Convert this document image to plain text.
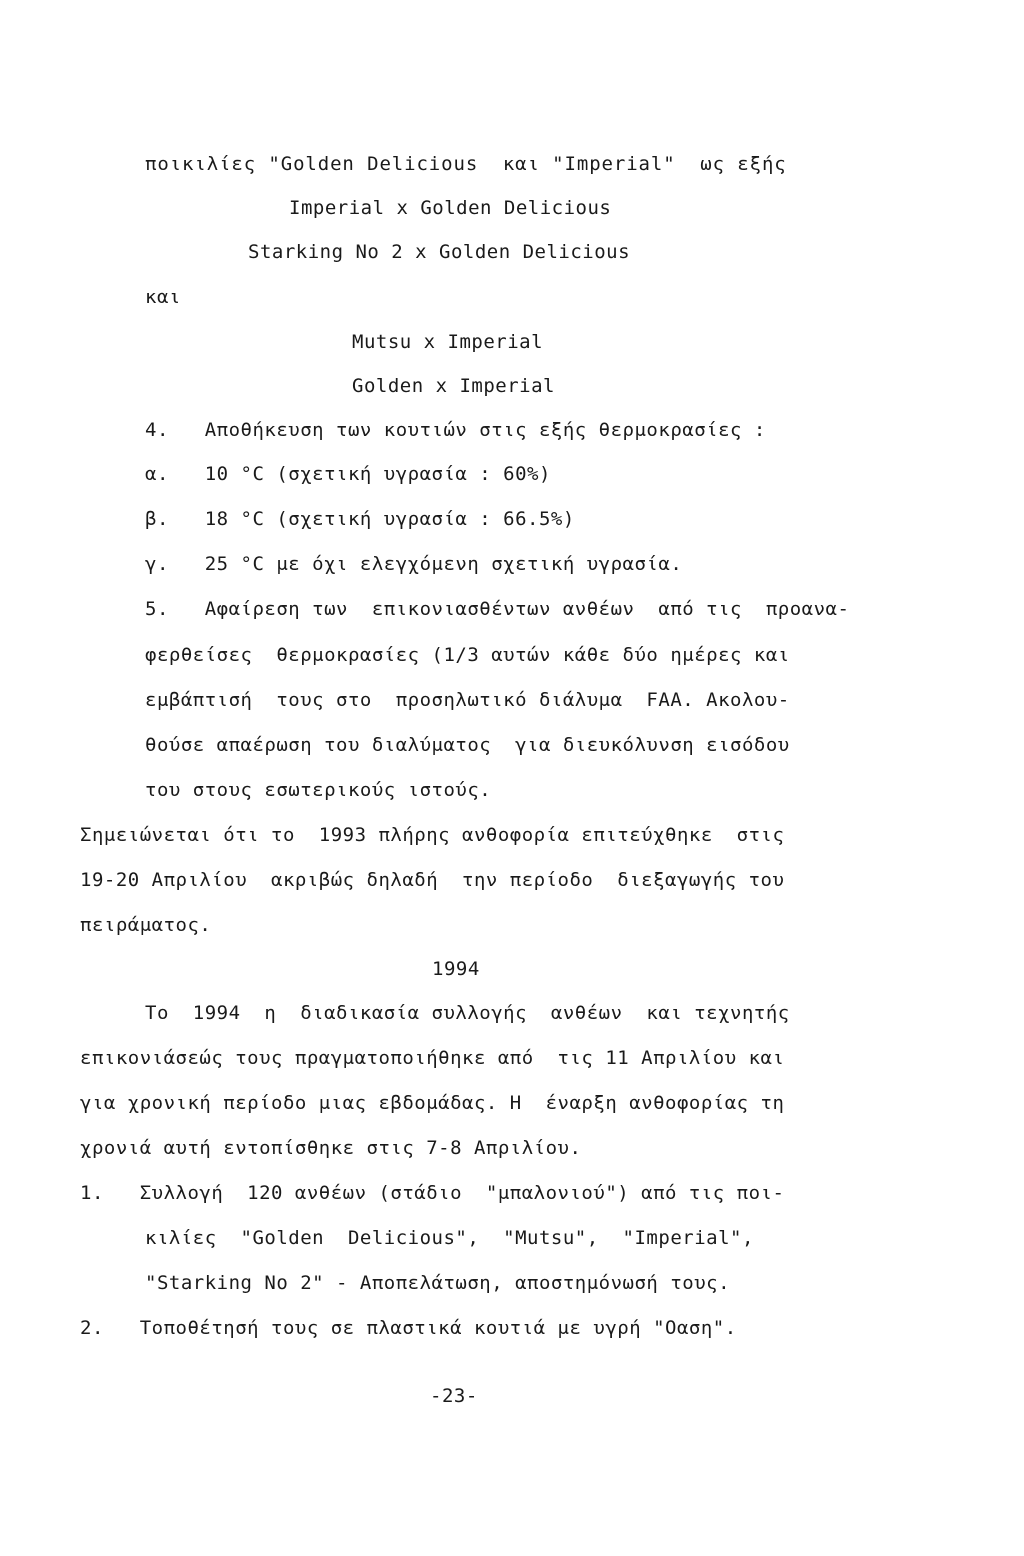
ποικιλίες "Golden Delicious  και "Imperial"  ως εξής
Imperial x Golden Delicious
Starking No 2 x Golden Delicious
και
Mutsu x Imperial
Golden x Imperial
4.   Αποθήκευση των κουτιών στις εξής θερμοκρασίες :
α.   10 °C (σχετική υγρασία : 60%)
β.   18 °C (σχετική υγρασία : 66.5%)
γ.   25 °C με όχι ελεγχόμενη σχετική υγρασία.
5.   Αφαίρεση των  επικονιασθέντων ανθέων  από τις  προανα-
φερθείσες  θερμοκρασίες (1/3 αυτών κάθε δύο ημέρες και
εμβάπτισή  τους στο  προσηλωτικό διάλυμα  FAA. Ακολου-
θούσε απαέρωση του διαλύματος  για διευκόλυνση εισόδου
του στους εσωτερικούς ιστούς.
Σημειώνεται ότι το  1993 πλήρης ανθοφορία επιτεύχθηκε  στις
19-20 Απριλίου  ακριβώς δηλαδή  την περίοδο  διεξαγωγής του
πειράματος.
1994
Το  1994  η  διαδικασία συλλογής  ανθέων  και τεχνητής
επικονιάσεώς τους πραγματοποιήθηκε από  τις 11 Απριλίου και
για χρονική περίοδο μιας εβδομάδας. Η  έναρξη ανθοφορίας τη
χρονιά αυτή εντοπίσθηκε στις 7-8 Απριλίου.
1.   Συλλογή  120 ανθέων (στάδιο  "μπαλονιού") από τις ποι-
κιλίες  "Golden  Delicious",  "Mutsu",  "Imperial",
"Starking No 2" - Αποπελάτωση, αποστημόνωσή τους.
2.   Τοποθέτησή τους σε πλαστικά κουτιά με υγρή "Οαση".
-23-
